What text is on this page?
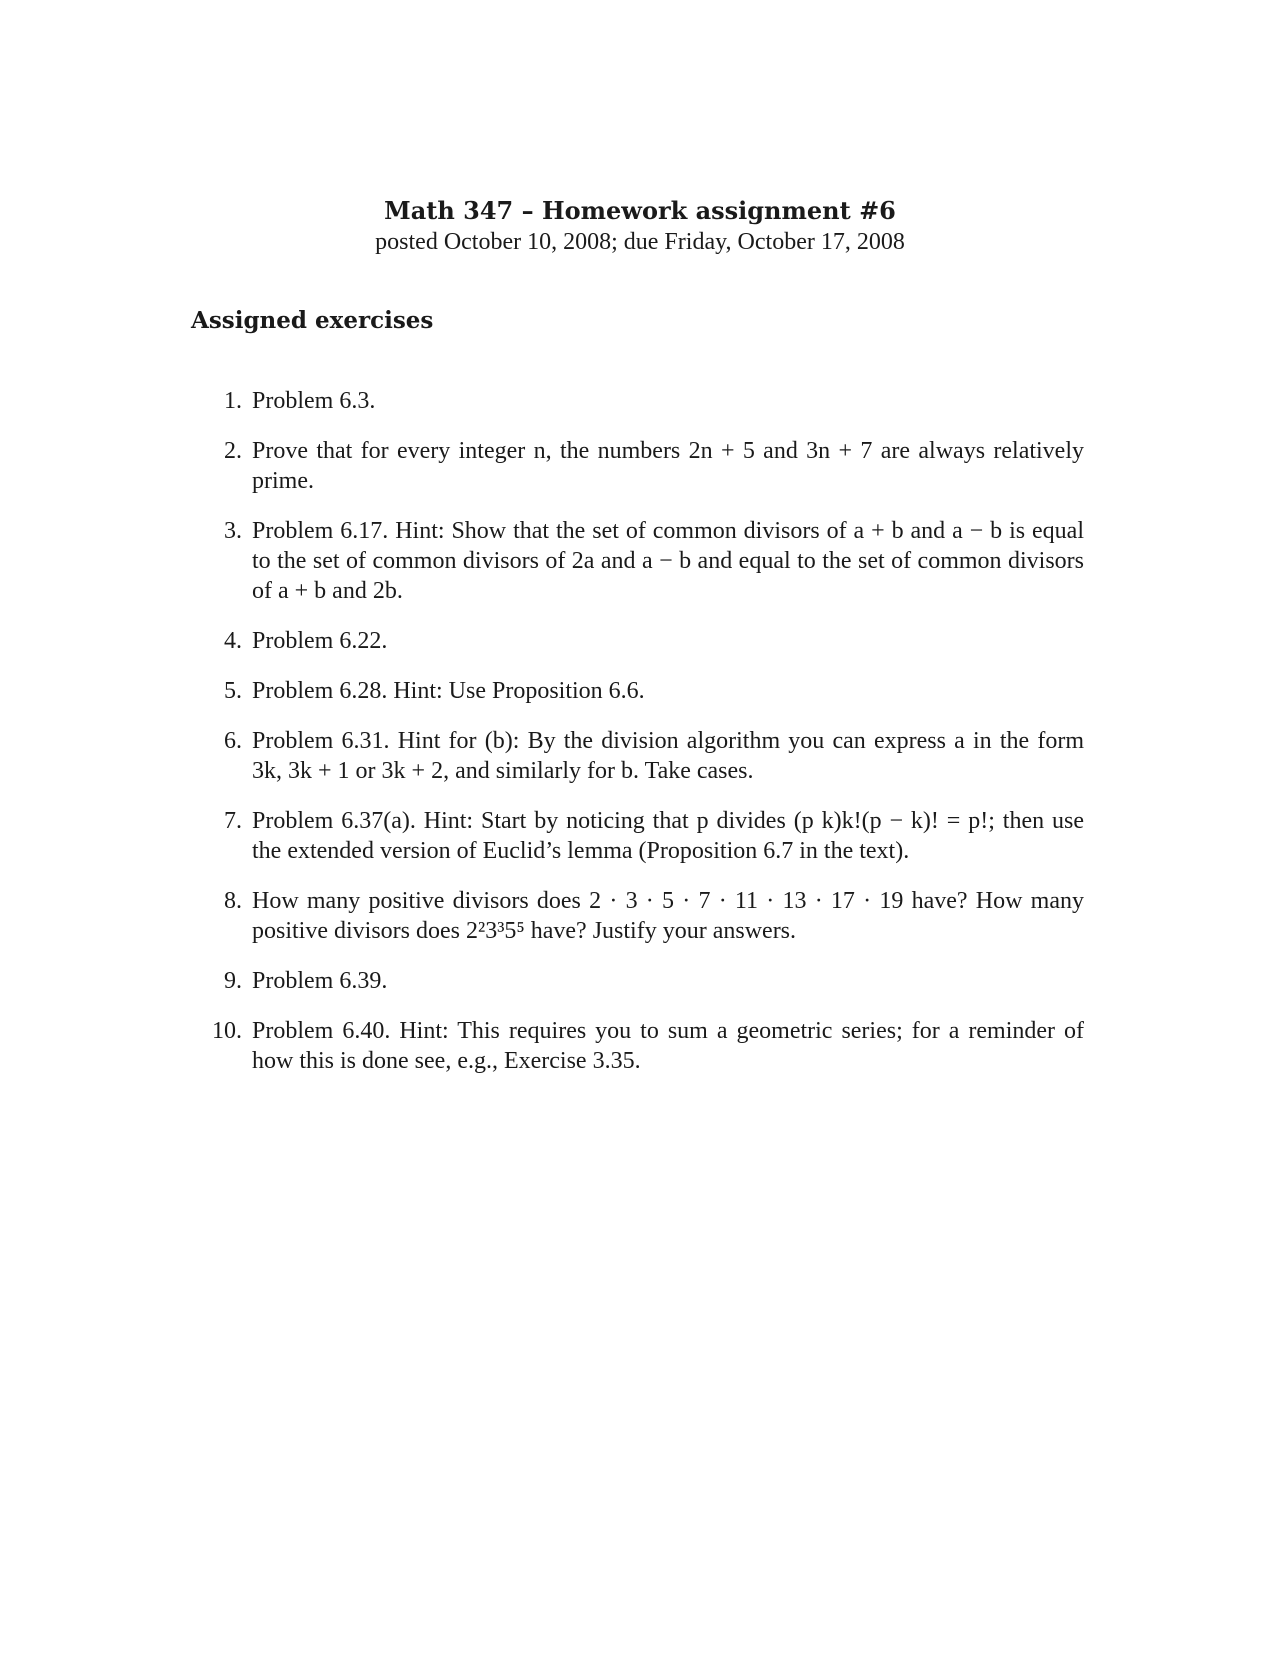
Math 347 – Homework assignment #6
posted October 10, 2008; due Friday, October 17, 2008
Assigned exercises
1. Problem 6.3.
2. Prove that for every integer n, the numbers 2n + 5 and 3n + 7 are always relatively prime.
3. Problem 6.17. Hint: Show that the set of common divisors of a + b and a − b is equal to the set of common divisors of 2a and a − b and equal to the set of common divisors of a + b and 2b.
4. Problem 6.22.
5. Problem 6.28. Hint: Use Proposition 6.6.
6. Problem 6.31. Hint for (b): By the division algorithm you can express a in the form 3k, 3k + 1 or 3k + 2, and similarly for b. Take cases.
7. Problem 6.37(a). Hint: Start by noticing that p divides (p k)k!(p − k)! = p!; then use the extended version of Euclid’s lemma (Proposition 6.7 in the text).
8. How many positive divisors does 2 · 3 · 5 · 7 · 11 · 13 · 17 · 19 have? How many positive divisors does 2²3³5⁵ have? Justify your answers.
9. Problem 6.39.
10. Problem 6.40. Hint: This requires you to sum a geometric series; for a reminder of how this is done see, e.g., Exercise 3.35.
